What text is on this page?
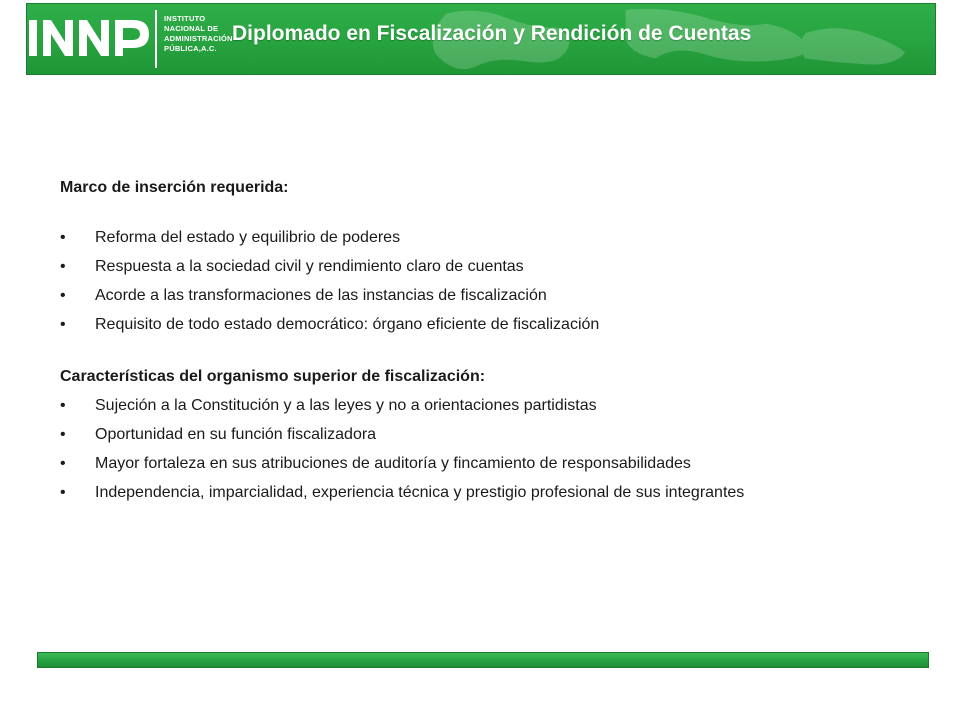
INSTITUTO
NACIONAL DE
ADMINISTRACIÓN
PÚBLICA,A.C.
Diplomado en Fiscalización y Rendición de Cuentas
Marco de inserción requerida:
• Reforma del estado y equilibrio de poderes
• Respuesta a la sociedad civil y rendimiento claro de cuentas
• Acorde a las transformaciones de las instancias de fiscalización
• Requisito de todo estado democrático: órgano eficiente de fiscalización
Características del organismo superior de fiscalización:
• Sujeción a la Constitución y a las leyes y no a orientaciones partidistas
• Oportunidad en su función fiscalizadora
• Mayor fortaleza en sus atribuciones de auditoría y fincamiento de responsabilidades
• Independencia, imparcialidad, experiencia técnica y prestigio profesional de sus integrantes
